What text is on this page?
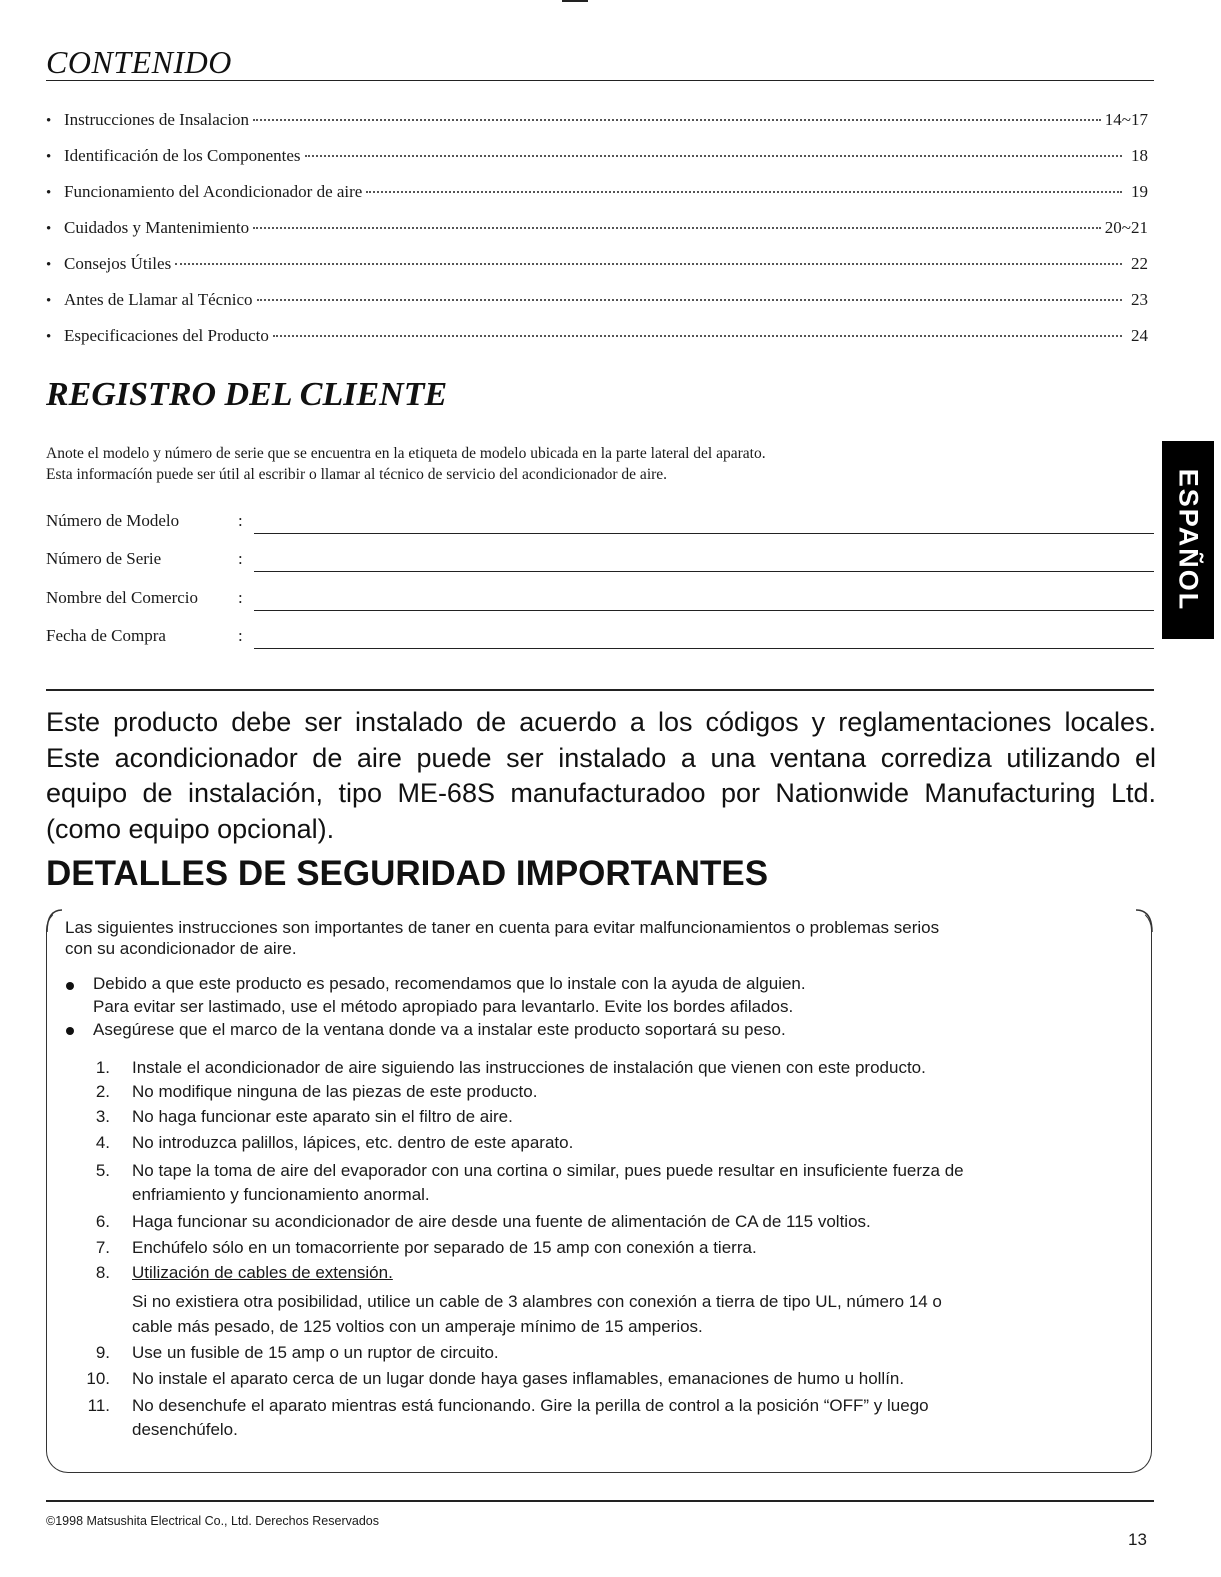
CONTENIDO
• Instrucciones de Insalacion	14~17
• Identificación de los Componentes	18
• Funcionamiento del Acondicionador de aire	19
• Cuidados y Mantenimiento	20~21
• Consejos Útiles	22
• Antes de Llamar al Técnico	23
• Especificaciones del Producto	24
REGISTRO DEL CLIENTE
Anote el modelo y número de serie que se encuentra en la etiqueta de modelo ubicada en la parte lateral del aparato.
Esta informacíón puede ser útil al escribir o llamar al técnico de servicio del acondicionador de aire.
Número de Modelo	:
Número de Serie	:
Nombre del Comercio :
Fecha de Compra	:
ESPAÑOL

Este producto debe ser instalado de acuerdo a los códigos y reglamentaciones locales.

Este acondicionador de aire puede ser instalado a una ventana corrediza utilizando el

equipo de instalación, tipo ME-68S manufacturadoo por Nationwide Manufacturing Ltd.

(como equipo opcional).

DETALLES DE SEGURIDAD IMPORTANTES
Las siguientes instrucciones son importantes de taner en cuenta para evitar malfuncionamientos o problemas serios
con su acondicionador de aire.
Debido a que este producto es pesado, recomendamos que lo instale con la ayuda de alguien.
Para evitar ser lastimado, use el método apropiado para levantarlo. Evite los bordes afilados.
Asegúrese que el marco de la ventana donde va a instalar este producto soportará su peso.
1. Instale el acondicionador de aire siguiendo las instrucciones de instalación que vienen con este producto.
2. No modifique ninguna de las piezas de este producto.
3. No haga funcionar este aparato sin el filtro de aire.
4. No introduzca palillos, lápices, etc. dentro de este aparato.
5. No tape la toma de aire del evaporador con una cortina o similar, pues puede resultar en insuficiente fuerza de
enfriamiento y funcionamiento anormal.
6. Haga funcionar su acondicionador de aire desde una fuente de alimentación de CA de 115 voltios.
7. Enchúfelo sólo en un tomacorriente por separado de 15 amp con conexión a tierra.
8. Utilización de cables de extensión.
Si no existiera otra posibilidad, utilice un cable de 3 alambres con conexión a tierra de tipo UL, número 14 o
cable más pesado, de 125 voltios con un amperaje mínimo de 15 amperios.
9. Use un fusible de 15 amp o un ruptor de circuito.
10. No instale el aparato cerca de un lugar donde haya gases inflamables, emanaciones de humo u hollín.
11. No desenchufe el aparato mientras está funcionando. Gire la perilla de control a la posición “OFF” y luego
desenchúfelo.
©1998 Matsushita Electrical Co., Ltd. Derechos Reservados
13
